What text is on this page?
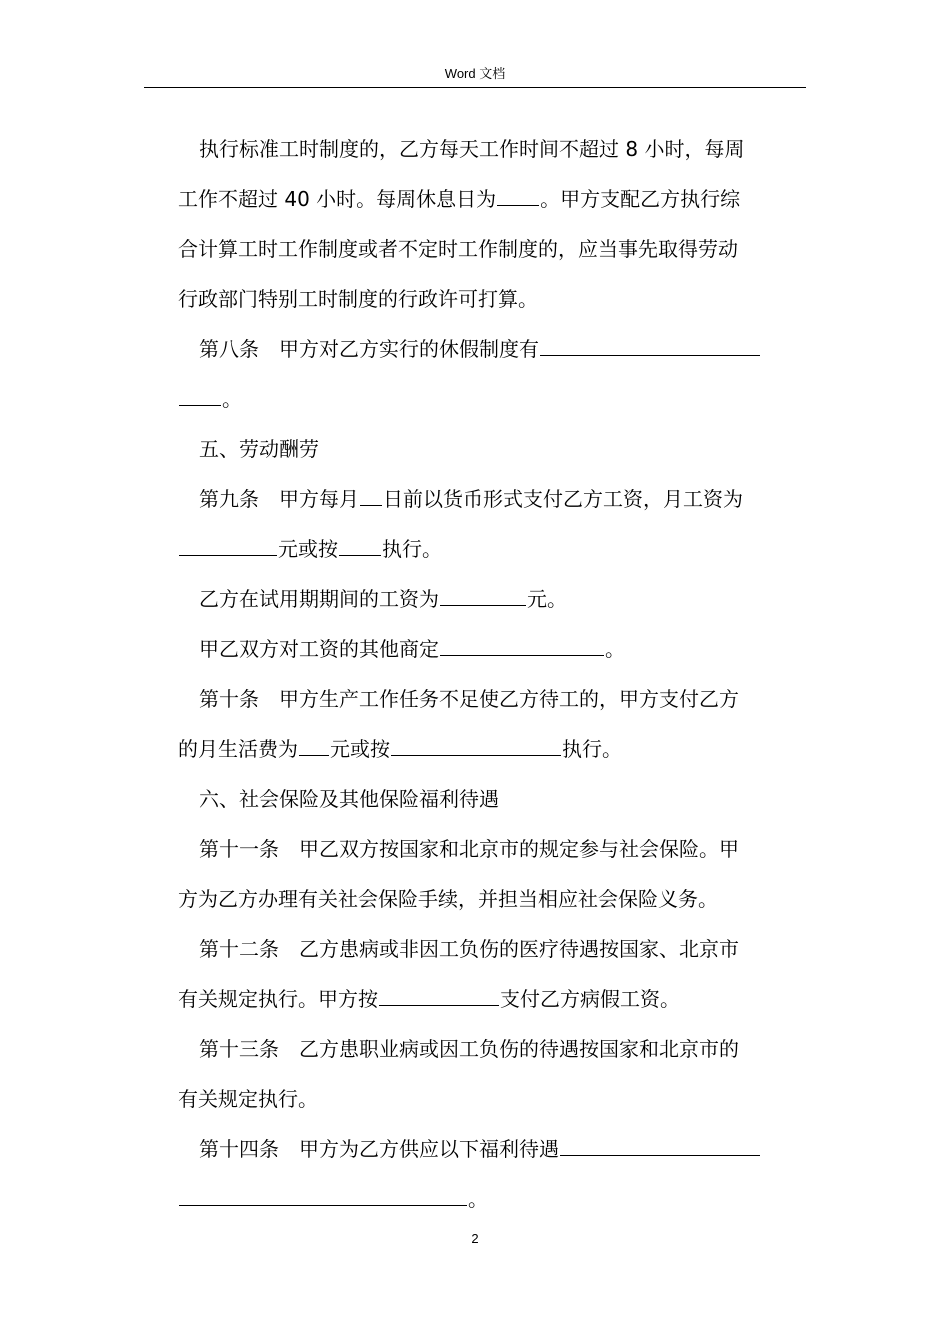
Word 文档
执行标准工时制度的，乙方每天工作时间不超过 8 小时，每周
工作不超过 40 小时。每周休息日为 。甲方支配乙方执行综
合计算工时工作制度或者不定时工作制度的，应当事先取得劳动
行政部门特别工时制度的行政许可打算。
第八条　甲方对乙方实行的休假制度有
。
五、劳动酬劳
第九条　甲方每月 日前以货币形式支付乙方工资，月工资为
元或按 执行。
乙方在试用期期间的工资为	元。
甲乙双方对工资的其他商定	。
第十条　甲方生产工作任务不足使乙方待工的，甲方支付乙方
的月生活费为 元或按	执行。
六、社会保险及其他保险福利待遇
第十一条　甲乙双方按国家和北京市的规定参与社会保险。甲
方为乙方办理有关社会保险手续，并担当相应社会保险义务。
第十二条　乙方患病或非因工负伤的医疗待遇按国家、北京市
有关规定执行。甲方按	支付乙方病假工资。
第十三条　乙方患职业病或因工负伤的待遇按国家和北京市的
有关规定执行。
第十四条　甲方为乙方供应以下福利待遇
。
2
